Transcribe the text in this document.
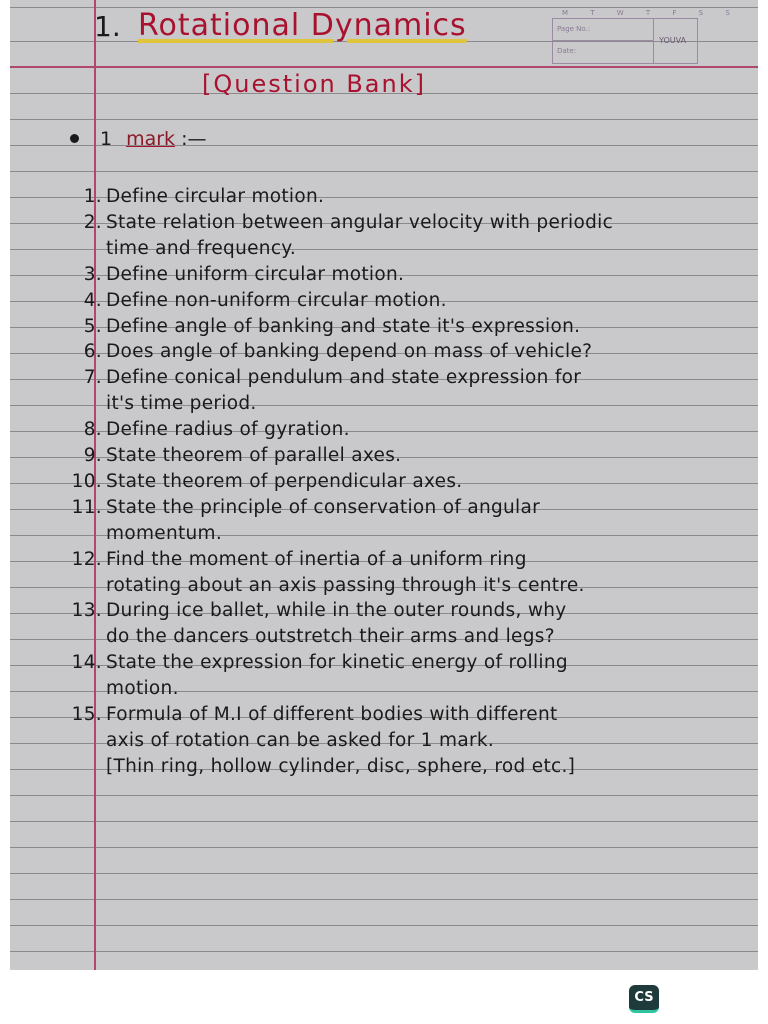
1. Rotational Dynamics	M T W T F S S
Page No.:
Date:
YOUVA
[Question Bank]
1 mark :—
1. Define circular motion.
2. State relation between angular velocity with periodic
time and frequency.
3. Define uniform circular motion.
4. Define non-uniform circular motion.
5. Define angle of banking and state it's expression.
6. Does angle of banking depend on mass of vehicle?
7. Define conical pendulum and state expression for
it's time period.
8. Define radius of gyration.
9. State theorem of parallel axes.
10. State theorem of perpendicular axes.
11. State the principle of conservation of angular
momentum.
12. Find the moment of inertia of a uniform ring
rotating about an axis passing through it's centre.
13. During ice ballet, while in the outer rounds, why
do the dancers outstretch their arms and legs?
14. State the expression for kinetic energy of rolling
motion.
15. Formula of M.I of different bodies with different
axis of rotation can be asked for 1 mark.
[Thin ring, hollow cylinder, disc, sphere, rod etc.]
CS
